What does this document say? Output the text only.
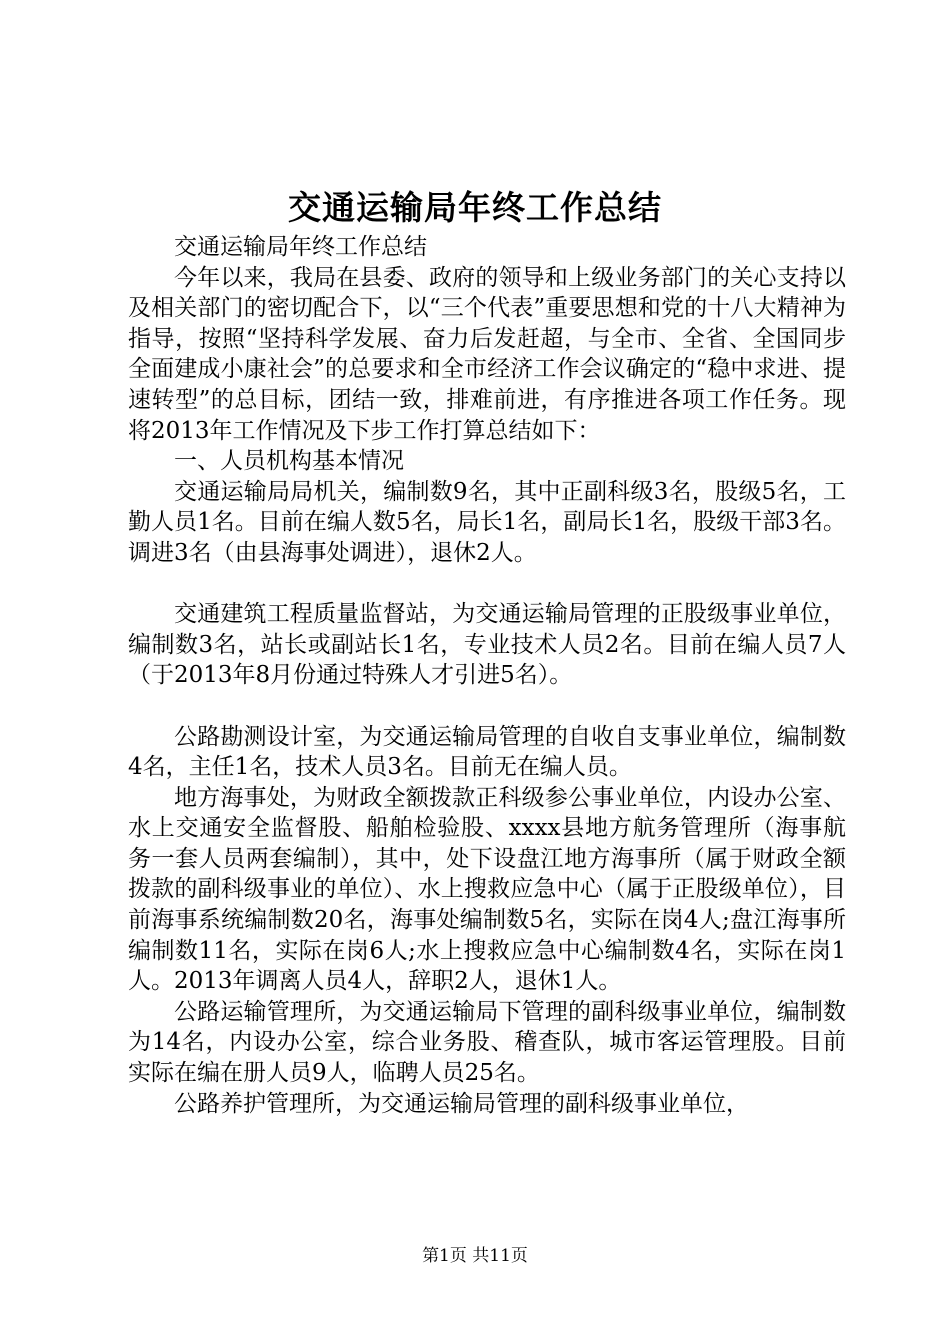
交通运输局年终工作总结

交通运输局年终工作总结

今年以来，我局在县委、政府的领导和上级业务部门的关心支持以及相关部门的密切配合下，以“三个代表”重要思想和党的十八大精神为指导，按照“坚持科学发展、奋力后发赶超，与全市、全省、全国同步全面建成小康社会”的总要求和全市经济工作会议确定的“稳中求进、提速转型”的总目标，团结一致，排难前进，有序推进各项工作任务。现将2013年工作情况及下步工作打算总结如下：

一、人员机构基本情况

交通运输局局机关，编制数9名，其中正副科级3名，股级5名，工勤人员1名。目前在编人数5名，局长1名，副局长1名，股级干部3名。调进3名（由县海事处调进），退休2人。

交通建筑工程质量监督站，为交通运输局管理的正股级事业单位，编制数3名，站长或副站长1名，专业技术人员2名。目前在编人员7人（于2013年8月份通过特殊人才引进5名）。

公路勘测设计室，为交通运输局管理的自收自支事业单位，编制数4名，主任1名，技术人员3名。目前无在编人员。

地方海事处，为财政全额拨款正科级参公事业单位，内设办公室、水上交通安全监督股、船舶检验股、xxxx县地方航务管理所（海事航务一套人员两套编制），其中，处下设盘江地方海事所（属于财政全额拨款的副科级事业的单位）、水上搜救应急中心（属于正股级单位），目前海事系统编制数20名，海事处编制数5名，实际在岗4人;盘江海事所编制数11名，实际在岗6人;水上搜救应急中心编制数4名，实际在岗1人。2013年调离人员4人，辞职2人，退休1人。

公路运输管理所，为交通运输局下管理的副科级事业单位，编制数为14名，内设办公室，综合业务股、稽查队，城市客运管理股。目前实际在编在册人员9人，临聘人员25名。

公路养护管理所，为交通运输局管理的副科级事业单位，

第1页 共11页
